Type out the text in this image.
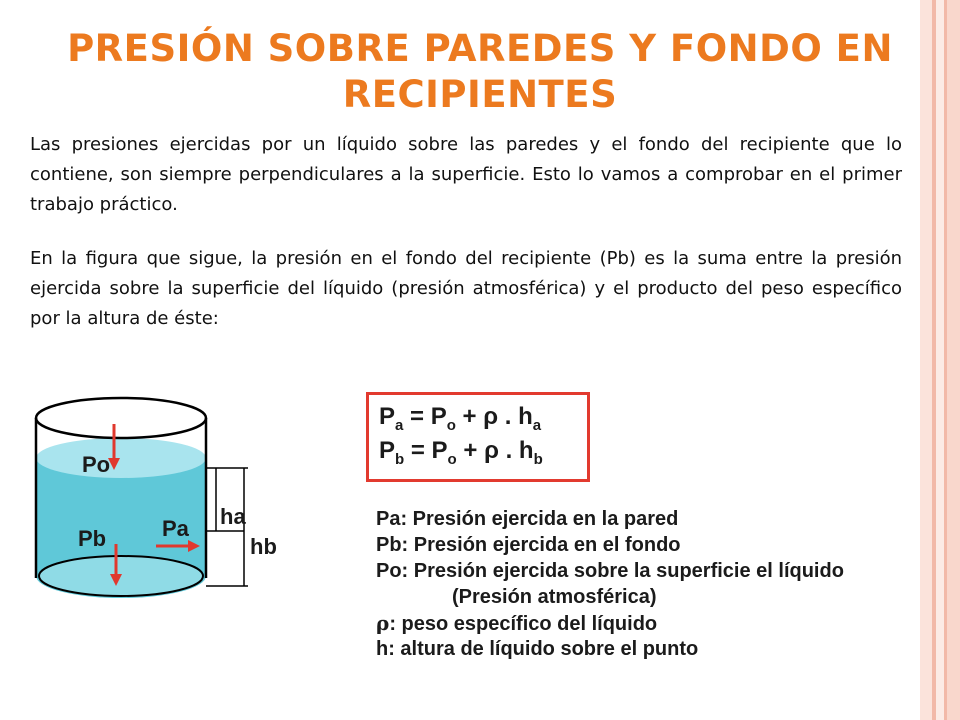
PRESIÓN SOBRE PAREDES Y FONDO EN RECIPIENTES
Las presiones ejercidas por un líquido sobre las paredes y el fondo del recipiente que lo contiene, son siempre perpendiculares a la superficie. Esto lo vamos a comprobar en el primer trabajo práctico.
En la figura que sigue, la presión en el fondo del recipiente (Pb) es la suma entre la presión ejercida sobre la superficie del líquido (presión atmosférica) y el producto del peso específico por la altura de éste:
Po
Pb	Pa ha
hb
$P_a = P_o + \rho$ . $h_a$
$P_b = P_o + \rho$ . $h_b$
Pa: Presión ejercida en la pared
Pb: Presión ejercida en el fondo
Po: Presión ejercida sobre la superficie el líquido
(Presión atmosférica)
ρ: peso específico del líquido
h: altura de líquido sobre el punto
